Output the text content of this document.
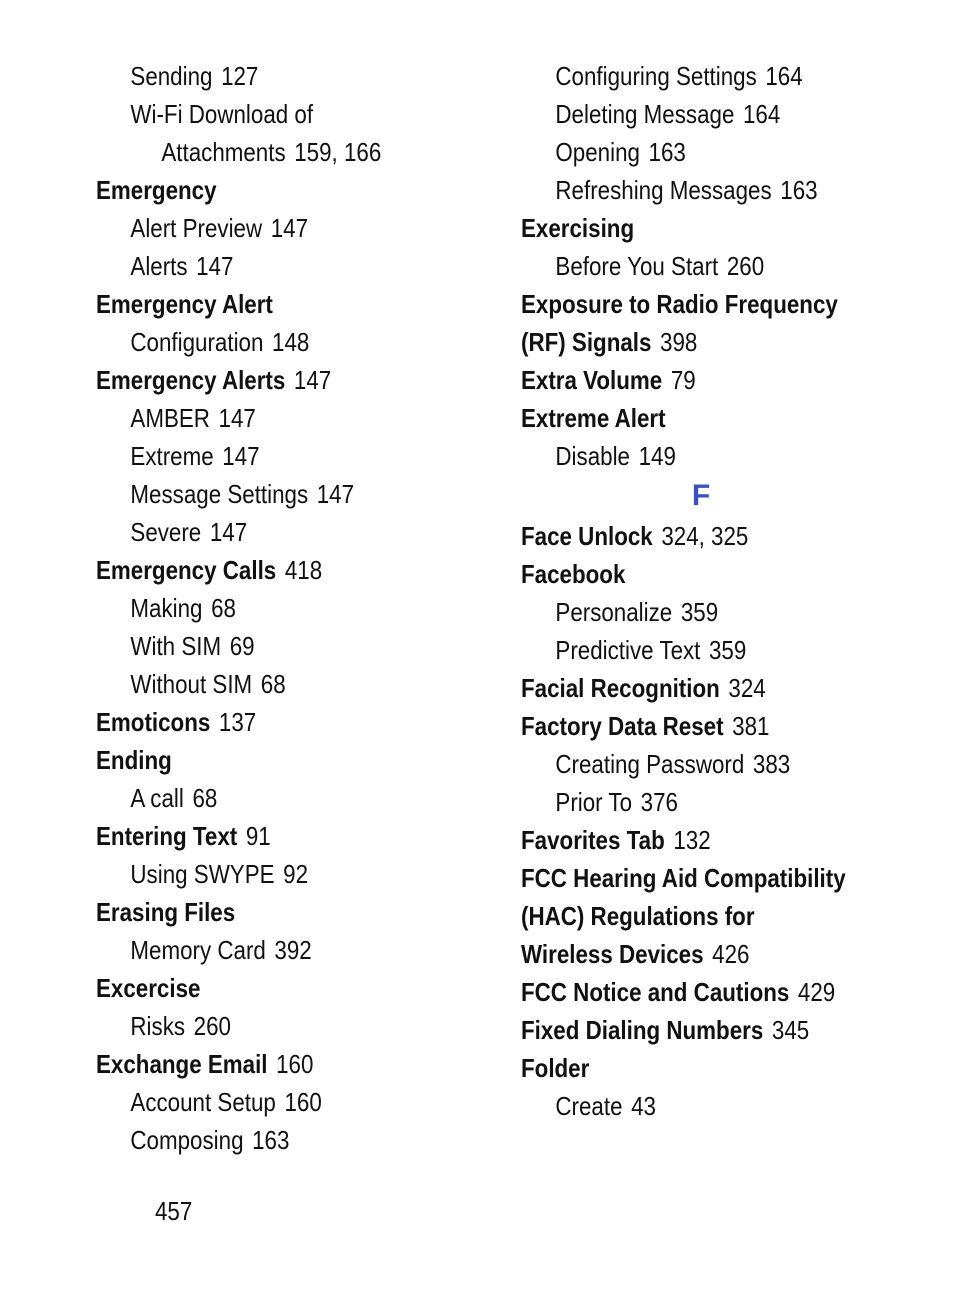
Sending 127
Wi-Fi Download of
Attachments 159, 166
Emergency
Alert Preview 147
Alerts 147
Emergency Alert
Configuration 148
Emergency Alerts 147
AMBER 147
Extreme 147
Message Settings 147
Severe 147
Emergency Calls 418
Making 68
With SIM 69
Without SIM 68
Emoticons 137
Ending
A call 68
Entering Text 91
Using SWYPE 92
Erasing Files
Memory Card 392
Excercise
Risks 260
Exchange Email 160
Account Setup 160
Composing 163
Configuring Settings 164
Deleting Message 164
Opening 163
Refreshing Messages 163
Exercising
Before You Start 260
Exposure to Radio Frequency
(RF) Signals 398
Extra Volume 79
Extreme Alert
Disable 149
F
Face Unlock 324, 325
Facebook
Personalize 359
Predictive Text 359
Facial Recognition 324
Factory Data Reset 381
Creating Password 383
Prior To 376
Favorites Tab 132
FCC Hearing Aid Compatibility
(HAC) Regulations for
Wireless Devices 426
FCC Notice and Cautions 429
Fixed Dialing Numbers 345
Folder
Create 43
457
